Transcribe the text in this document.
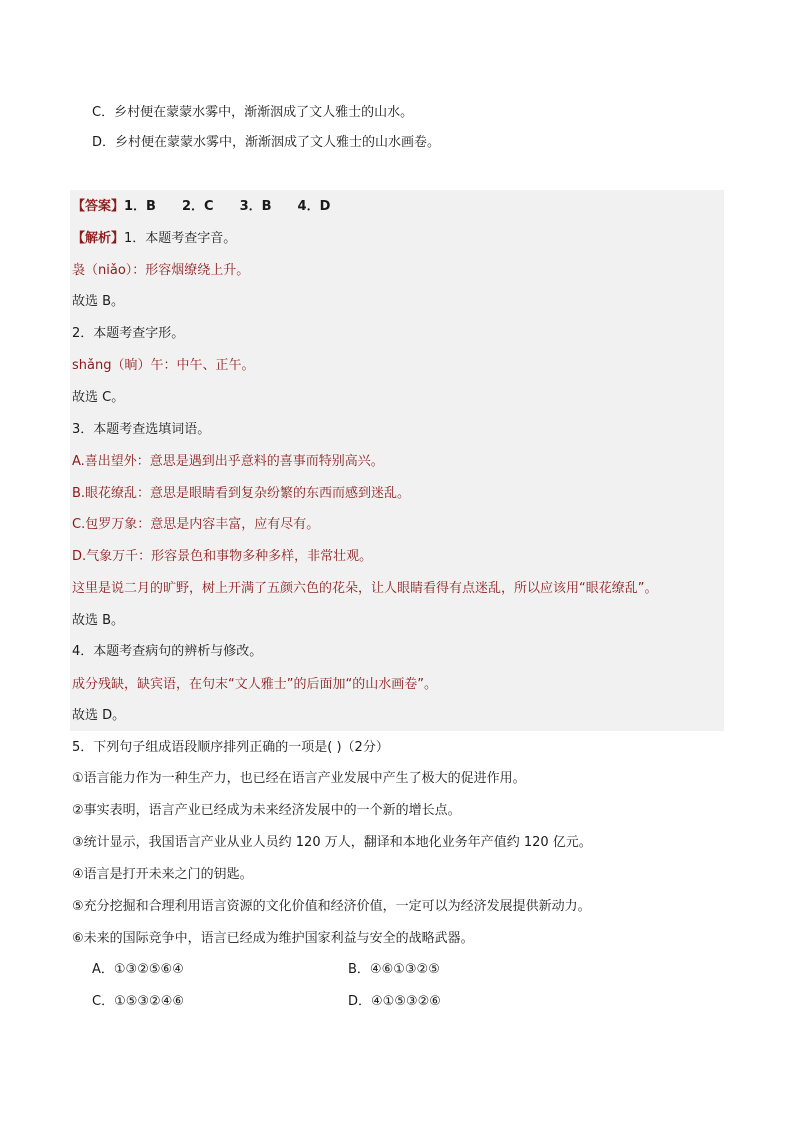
C．乡村便在蒙蒙水雾中，渐渐洇成了文人雅士的山水。
D．乡村便在蒙蒙水雾中，渐渐洇成了文人雅士的山水画卷。
【答案】1．B 2．C 3．B 4．D
【解析】1．本题考查字音。
袅（niǎo）：形容烟缭绕上升。
故选 B。
2．本题考查字形。
shǎng（晌）午：中午、正午。
故选 C。
3．本题考查选填词语。
A.喜出望外：意思是遇到出乎意料的喜事而特别高兴。
B.眼花缭乱：意思是眼睛看到复杂纷繁的东西而感到迷乱。
C.包罗万象：意思是内容丰富，应有尽有。
D.气象万千：形容景色和事物多种多样，非常壮观。
这里是说二月的旷野，树上开满了五颜六色的花朵，让人眼睛看得有点迷乱，所以应该用“眼花缭乱”。
故选 B。
4．本题考查病句的辨析与修改。
成分残缺，缺宾语，在句末“文人雅士”的后面加“的山水画卷”。
故选 D。
5．下列句子组成语段顺序排列正确的一项是( )（2分）
①语言能力作为一种生产力，也已经在语言产业发展中产生了极大的促进作用。
②事实表明，语言产业已经成为未来经济发展中的一个新的增长点。
③统计显示，我国语言产业从业人员约 120 万人，翻译和本地化业务年产值约 120 亿元。
④语言是打开未来之门的钥匙。
⑤充分挖掘和合理利用语言资源的文化价值和经济价值，一定可以为经济发展提供新动力。
⑥未来的国际竞争中，语言已经成为维护国家利益与安全的战略武器。
A．①③②⑤⑥④	B．④⑥①③②⑤
C．①⑤③②④⑥	D．④①⑤③②⑥
